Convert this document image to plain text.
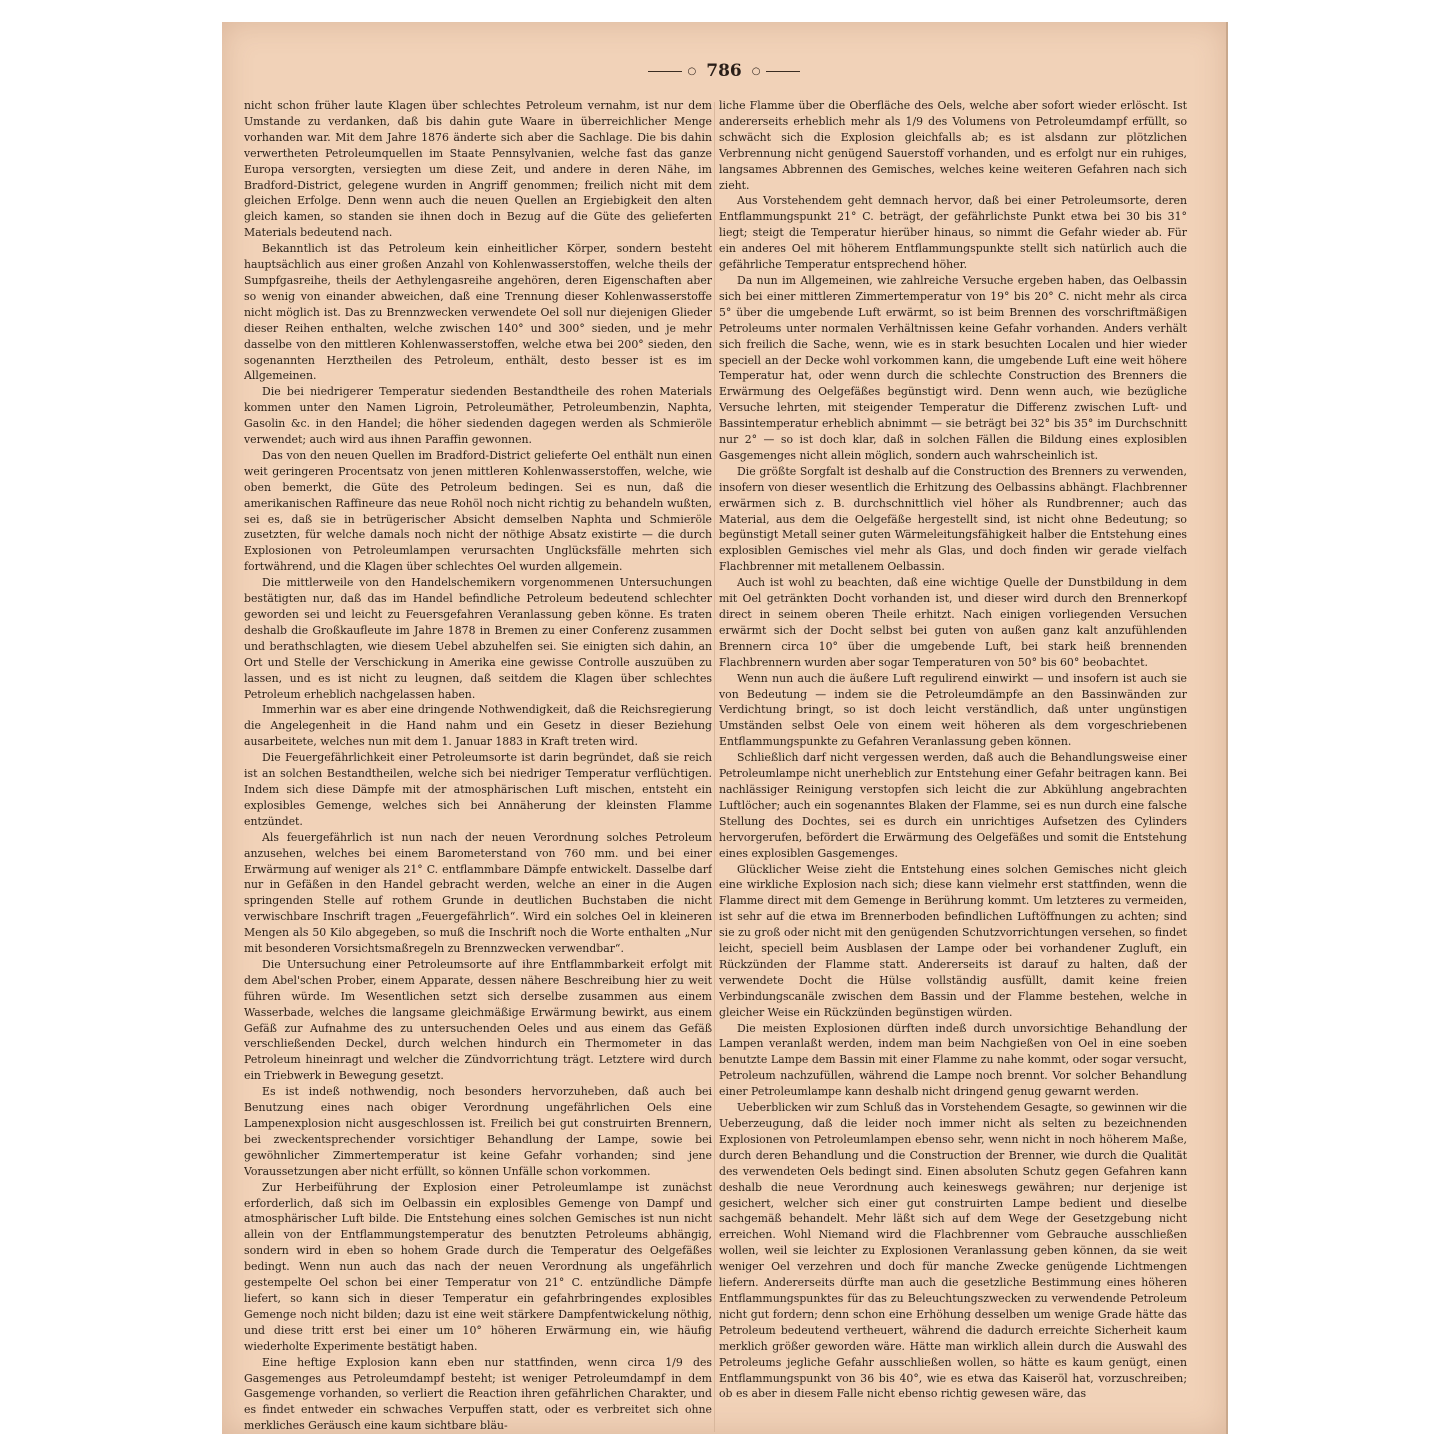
○ 786	○

nicht schon früher laute Klagen über schlechtes Petroleum vernahm, ist nur dem Umstande zu verdanken, daß bis dahin gute Waare in überreichlicher Menge vorhanden war. Mit dem Jahre 1876 änderte sich aber die Sachlage. Die bis dahin verwertheten Petroleumquellen im Staate Pennsylvanien, welche fast das ganze Europa versorgten, versiegten um diese Zeit, und andere in deren Nähe, im Bradford-District, gelegene wurden in Angriff genommen; freilich nicht mit dem gleichen Erfolge. Denn wenn auch die neuen Quellen an Ergiebigkeit den alten gleich kamen, so standen sie ihnen doch in Bezug auf die Güte des gelieferten Materials bedeutend nach.

Bekanntlich ist das Petroleum kein einheitlicher Körper, sondern besteht hauptsächlich aus einer großen Anzahl von Kohlenwasserstoffen, welche theils der Sumpfgasreihe, theils der Aethylengasreihe angehören, deren Eigenschaften aber so wenig von einander abweichen, daß eine Trennung dieser Kohlenwasserstoffe nicht möglich ist. Das zu Brennzwecken verwendete Oel soll nur diejenigen Glieder dieser Reihen enthalten, welche zwischen 140° und 300° sieden, und je mehr dasselbe von den mittleren Kohlenwasserstoffen, welche etwa bei 200° sieden, den sogenannten Herztheilen des Petroleum, enthält, desto besser ist es im Allgemeinen.

Die bei niedrigerer Temperatur siedenden Bestandtheile des rohen Materials kommen unter den Namen Ligroin, Petroleumäther, Petroleumbenzin, Naphta, Gasolin &c. in den Handel; die höher siedenden dagegen werden als Schmieröle verwendet; auch wird aus ihnen Paraffin gewonnen.

Das von den neuen Quellen im Bradford-District gelieferte Oel enthält nun einen weit geringeren Procentsatz von jenen mittleren Kohlenwasserstoffen, welche, wie oben bemerkt, die Güte des Petroleum bedingen. Sei es nun, daß die amerikanischen Raffineure das neue Rohöl noch nicht richtig zu behandeln wußten, sei es, daß sie in betrügerischer Absicht demselben Naphta und Schmieröle zusetzten, für welche damals noch nicht der nöthige Absatz existirte — die durch Explosionen von Petroleumlampen verursachten Unglücksfälle mehrten sich fortwährend, und die Klagen über schlechtes Oel wurden allgemein.

Die mittlerweile von den Handelschemikern vorgenommenen Untersuchungen bestätigten nur, daß das im Handel befindliche Petroleum bedeutend schlechter geworden sei und leicht zu Feuersgefahren Veranlassung geben könne. Es traten deshalb die Großkaufleute im Jahre 1878 in Bremen zu einer Conferenz zusammen und berathschlagten, wie diesem Uebel abzuhelfen sei. Sie einigten sich dahin, an Ort und Stelle der Verschickung in Amerika eine gewisse Controlle auszuüben zu lassen, und es ist nicht zu leugnen, daß seitdem die Klagen über schlechtes Petroleum erheblich nachgelassen haben.

Immerhin war es aber eine dringende Nothwendigkeit, daß die Reichsregierung die Angelegenheit in die Hand nahm und ein Gesetz in dieser Beziehung ausarbeitete, welches nun mit dem 1. Januar 1883 in Kraft treten wird.

Die Feuergefährlichkeit einer Petroleumsorte ist darin begründet, daß sie reich ist an solchen Bestandtheilen, welche sich bei niedriger Temperatur verflüchtigen. Indem sich diese Dämpfe mit der atmosphärischen Luft mischen, entsteht ein explosibles Gemenge, welches sich bei Annäherung der kleinsten Flamme entzündet.

Als feuergefährlich ist nun nach der neuen Verordnung solches Petroleum anzusehen, welches bei einem Barometerstand von 760 mm. und bei einer Erwärmung auf weniger als 21° C. entflammbare Dämpfe entwickelt. Dasselbe darf nur in Gefäßen in den Handel gebracht werden, welche an einer in die Augen springenden Stelle auf rothem Grunde in deutlichen Buchstaben die nicht verwischbare Inschrift tragen „Feuergefährlich“. Wird ein solches Oel in kleineren Mengen als 50 Kilo abgegeben, so muß die Inschrift noch die Worte enthalten „Nur mit besonderen Vorsichtsmaßregeln zu Brennzwecken verwendbar“.

Die Untersuchung einer Petroleumsorte auf ihre Entflammbarkeit erfolgt mit dem Abel'schen Prober, einem Apparate, dessen nähere Beschreibung hier zu weit führen würde. Im Wesentlichen setzt sich derselbe zusammen aus einem Wasserbade, welches die langsame gleichmäßige Erwärmung bewirkt, aus einem Gefäß zur Aufnahme des zu untersuchenden Oeles und aus einem das Gefäß verschließenden Deckel, durch welchen hindurch ein Thermometer in das Petroleum hineinragt und welcher die Zündvorrichtung trägt. Letztere wird durch ein Triebwerk in Bewegung gesetzt.

Es ist indeß nothwendig, noch besonders hervorzuheben, daß auch bei Benutzung eines nach obiger Verordnung ungefährlichen Oels eine Lampenexplosion nicht ausgeschlossen ist. Freilich bei gut construirten Brennern, bei zweckentsprechender vorsichtiger Behandlung der Lampe, sowie bei gewöhnlicher Zimmertemperatur ist keine Gefahr vorhanden; sind jene Voraussetzungen aber nicht erfüllt, so können Unfälle schon vorkommen.

Zur Herbeiführung der Explosion einer Petroleumlampe ist zunächst erforderlich, daß sich im Oelbassin ein explosibles Gemenge von Dampf und atmosphärischer Luft bilde. Die Entstehung eines solchen Gemisches ist nun nicht allein von der Entflammungstemperatur des benutzten Petroleums abhängig, sondern wird in eben so hohem Grade durch die Temperatur des Oelgefäßes bedingt. Wenn nun auch das nach der neuen Verordnung als ungefährlich gestempelte Oel schon bei einer Temperatur von 21° C. entzündliche Dämpfe liefert, so kann sich in dieser Temperatur ein gefahrbringendes explosibles Gemenge noch nicht bilden; dazu ist eine weit stärkere Dampfentwickelung nöthig, und diese tritt erst bei einer um 10° höheren Erwärmung ein, wie häufig wiederholte Experimente bestätigt haben.

Eine heftige Explosion kann eben nur stattfinden, wenn circa 1/9 des Gasgemenges aus Petroleumdampf besteht; ist weniger Petroleumdampf in dem Gasgemenge vorhanden, so verliert die Reaction ihren gefährlichen Charakter, und es findet entweder ein schwaches Verpuffen statt, oder es verbreitet sich ohne merkliches Geräusch eine kaum sichtbare bläu-

liche Flamme über die Oberfläche des Oels, welche aber sofort wieder erlöscht. Ist andererseits erheblich mehr als 1/9 des Volumens von Petroleumdampf erfüllt, so schwächt sich die Explosion gleichfalls ab; es ist alsdann zur plötzlichen Verbrennung nicht genügend Sauerstoff vorhanden, und es erfolgt nur ein ruhiges, langsames Abbrennen des Gemisches, welches keine weiteren Gefahren nach sich zieht.

Aus Vorstehendem geht demnach hervor, daß bei einer Petroleumsorte, deren Entflammungspunkt 21° C. beträgt, der gefährlichste Punkt etwa bei 30 bis 31° liegt; steigt die Temperatur hierüber hinaus, so nimmt die Gefahr wieder ab. Für ein anderes Oel mit höherem Entflammungspunkte stellt sich natürlich auch die gefährliche Temperatur entsprechend höher.

Da nun im Allgemeinen, wie zahlreiche Versuche ergeben haben, das Oelbassin sich bei einer mittleren Zimmertemperatur von 19° bis 20° C. nicht mehr als circa 5° über die umgebende Luft erwärmt, so ist beim Brennen des vorschriftmäßigen Petroleums unter normalen Verhältnissen keine Gefahr vorhanden. Anders verhält sich freilich die Sache, wenn, wie es in stark besuchten Localen und hier wieder speciell an der Decke wohl vorkommen kann, die umgebende Luft eine weit höhere Temperatur hat, oder wenn durch die schlechte Construction des Brenners die Erwärmung des Oelgefäßes begünstigt wird. Denn wenn auch, wie bezügliche Versuche lehrten, mit steigender Temperatur die Differenz zwischen Luft- und Bassintemperatur erheblich abnimmt — sie beträgt bei 32° bis 35° im Durchschnitt nur 2° — so ist doch klar, daß in solchen Fällen die Bildung eines explosiblen Gasgemenges nicht allein möglich, sondern auch wahrscheinlich ist.

Die größte Sorgfalt ist deshalb auf die Construction des Brenners zu verwenden, insofern von dieser wesentlich die Erhitzung des Oelbassins abhängt. Flachbrenner erwärmen sich z. B. durchschnittlich viel höher als Rundbrenner; auch das Material, aus dem die Oelgefäße hergestellt sind, ist nicht ohne Bedeutung; so begünstigt Metall seiner guten Wärmeleitungsfähigkeit halber die Entstehung eines explosiblen Gemisches viel mehr als Glas, und doch finden wir gerade vielfach Flachbrenner mit metallenem Oelbassin.

Auch ist wohl zu beachten, daß eine wichtige Quelle der Dunstbildung in dem mit Oel getränkten Docht vorhanden ist, und dieser wird durch den Brennerkopf direct in seinem oberen Theile erhitzt. Nach einigen vorliegenden Versuchen erwärmt sich der Docht selbst bei guten von außen ganz kalt anzufühlenden Brennern circa 10° über die umgebende Luft, bei stark heiß brennenden Flachbrennern wurden aber sogar Temperaturen von 50° bis 60° beobachtet.

Wenn nun auch die äußere Luft regulirend einwirkt — und insofern ist auch sie von Bedeutung — indem sie die Petroleumdämpfe an den Bassinwänden zur Verdichtung bringt, so ist doch leicht verständlich, daß unter ungünstigen Umständen selbst Oele von einem weit höheren als dem vorgeschriebenen Entflammungspunkte zu Gefahren Veranlassung geben können.

Schließlich darf nicht vergessen werden, daß auch die Behandlungsweise einer Petroleumlampe nicht unerheblich zur Entstehung einer Gefahr beitragen kann. Bei nachlässiger Reinigung verstopfen sich leicht die zur Abkühlung angebrachten Luftlöcher; auch ein sogenanntes Blaken der Flamme, sei es nun durch eine falsche Stellung des Dochtes, sei es durch ein unrichtiges Aufsetzen des Cylinders hervorgerufen, befördert die Erwärmung des Oelgefäßes und somit die Entstehung eines explosiblen Gasgemenges.

Glücklicher Weise zieht die Entstehung eines solchen Gemisches nicht gleich eine wirkliche Explosion nach sich; diese kann vielmehr erst stattfinden, wenn die Flamme direct mit dem Gemenge in Berührung kommt. Um letzteres zu vermeiden, ist sehr auf die etwa im Brennerboden befindlichen Luftöffnungen zu achten; sind sie zu groß oder nicht mit den genügenden Schutzvorrichtungen versehen, so findet leicht, speciell beim Ausblasen der Lampe oder bei vorhandener Zugluft, ein Rückzünden der Flamme statt. Andererseits ist darauf zu halten, daß der verwendete Docht die Hülse vollständig ausfüllt, damit keine freien Verbindungscanäle zwischen dem Bassin und der Flamme bestehen, welche in gleicher Weise ein Rückzünden begünstigen würden.

Die meisten Explosionen dürften indeß durch unvorsichtige Behandlung der Lampen veranlaßt werden, indem man beim Nachgießen von Oel in eine soeben benutzte Lampe dem Bassin mit einer Flamme zu nahe kommt, oder sogar versucht, Petroleum nachzufüllen, während die Lampe noch brennt. Vor solcher Behandlung einer Petroleumlampe kann deshalb nicht dringend genug gewarnt werden.

Ueberblicken wir zum Schluß das in Vorstehendem Gesagte, so gewinnen wir die Ueberzeugung, daß die leider noch immer nicht als selten zu bezeichnenden Explosionen von Petroleumlampen ebenso sehr, wenn nicht in noch höherem Maße, durch deren Behandlung und die Construction der Brenner, wie durch die Qualität des verwendeten Oels bedingt sind. Einen absoluten Schutz gegen Gefahren kann deshalb die neue Verordnung auch keineswegs gewähren; nur derjenige ist gesichert, welcher sich einer gut construirten Lampe bedient und dieselbe sachgemäß behandelt. Mehr läßt sich auf dem Wege der Gesetzgebung nicht erreichen. Wohl Niemand wird die Flachbrenner vom Gebrauche ausschließen wollen, weil sie leichter zu Explosionen Veranlassung geben können, da sie weit weniger Oel verzehren und doch für manche Zwecke genügende Lichtmengen liefern. Andererseits dürfte man auch die gesetzliche Bestimmung eines höheren Entflammungspunktes für das zu Beleuchtungszwecken zu verwendende Petroleum nicht gut fordern; denn schon eine Erhöhung desselben um wenige Grade hätte das Petroleum bedeutend vertheuert, während die dadurch erreichte Sicherheit kaum merklich größer geworden wäre. Hätte man wirklich allein durch die Auswahl des Petroleums jegliche Gefahr ausschließen wollen, so hätte es kaum genügt, einen Entflammungspunkt von 36 bis 40°, wie es etwa das Kaiseröl hat, vorzuschreiben; ob es aber in diesem Falle nicht ebenso richtig gewesen wäre, das
